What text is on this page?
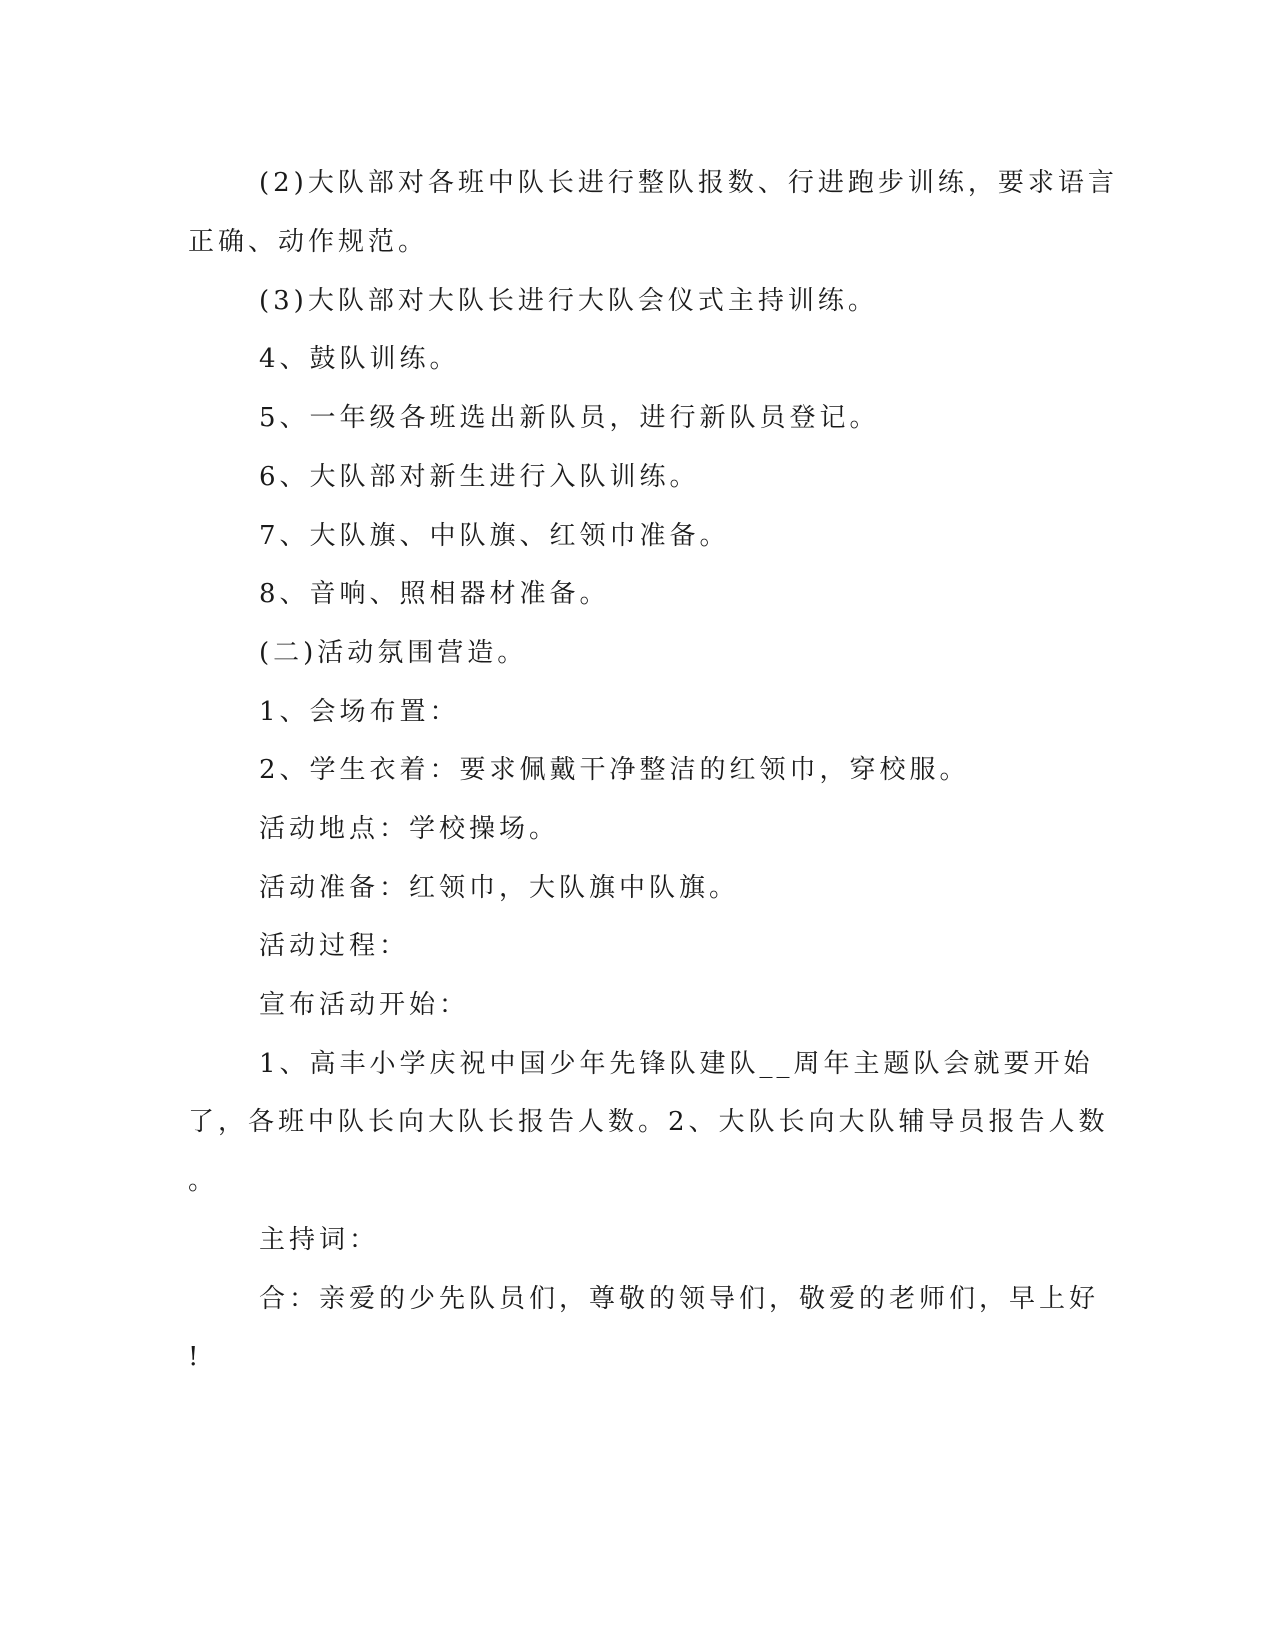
(2)大队部对各班中队长进行整队报数、行进跑步训练，要求语言
正确、动作规范。
(3)大队部对大队长进行大队会仪式主持训练。
4、鼓队训练。
5、一年级各班选出新队员，进行新队员登记。
6、大队部对新生进行入队训练。
7、大队旗、中队旗、红领巾准备。
8、音响、照相器材准备。
(二)活动氛围营造。
1、会场布置：
2、学生衣着：要求佩戴干净整洁的红领巾，穿校服。
活动地点：学校操场。
活动准备：红领巾，大队旗中队旗。
活动过程：
宣布活动开始：
1、高丰小学庆祝中国少年先锋队建队__周年主题队会就要开始
了，各班中队长向大队长报告人数。2、大队长向大队辅导员报告人数
。
主持词：
合：亲爱的少先队员们，尊敬的领导们，敬爱的老师们，早上好
!
